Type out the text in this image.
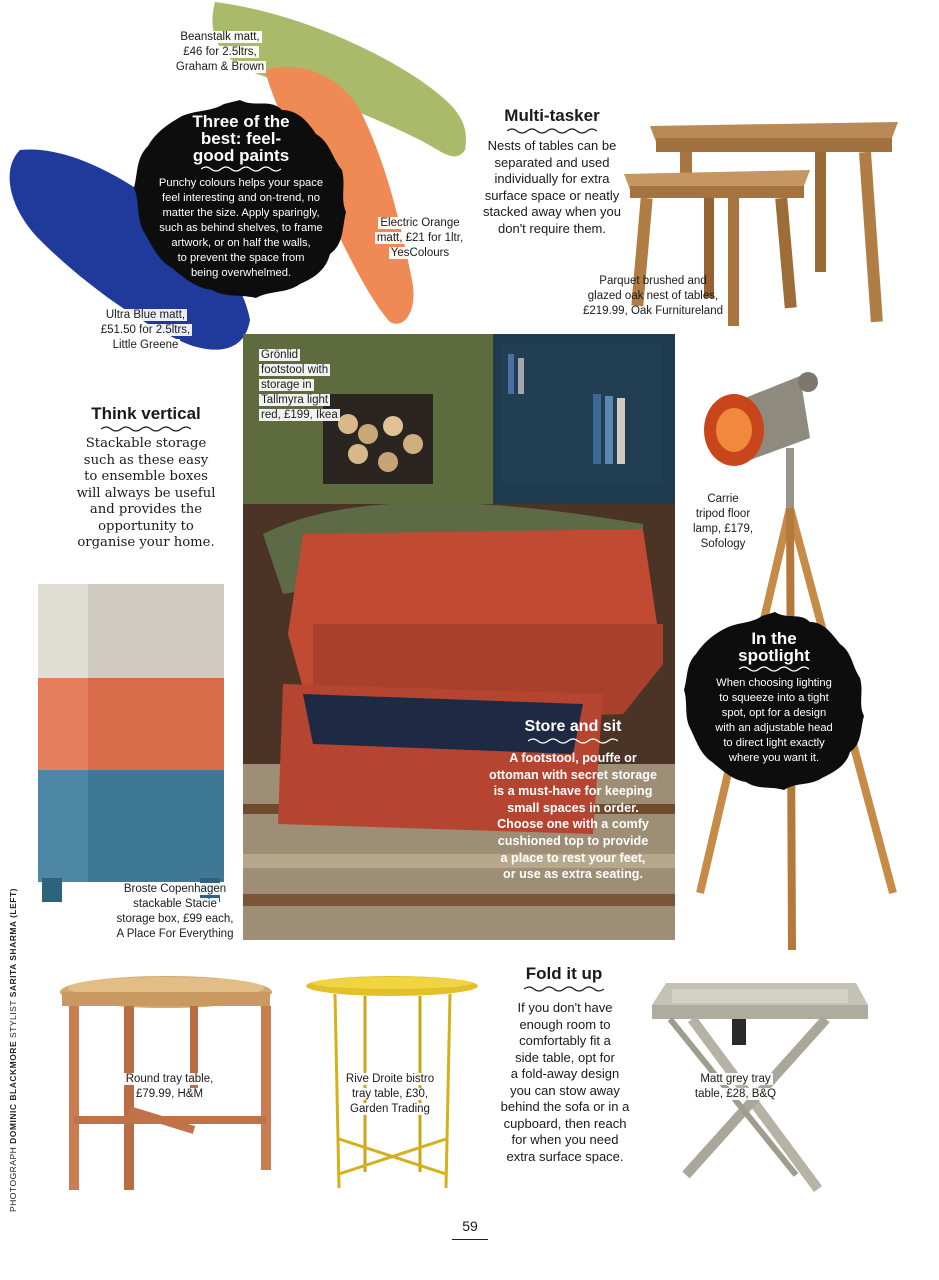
Three of the best: feel-good paints
Punchy colours helps your space
feel interesting and on-trend, no
matter the size. Apply sparingly,
such as behind shelves, to frame
artwork, or on half the walls,
to prevent the space from
being overwhelmed.
Beanstalk matt,
£46 for 2.5ltrs,
Graham & Brown
Electric Orange
matt, £21 for 1ltr,
YesColours
Ultra Blue matt,
£51.50 for 2.5ltrs,
Little Greene
Multi-tasker
Nests of tables can be
separated and used
individually for extra
surface space or neatly
stacked away when you
don't require them.
Parquet brushed and
glazed oak nest of tables,
£219.99, Oak Furnitureland
Think vertical
Stackable storage
such as these easy
to ensemble boxes
will always be useful
and provides the
opportunity to
organise your home.
Broste Copenhagen
stackable Stacie
storage box, £99 each,
A Place For Everything
Grönlid
footstool with
storage in
Tallmyra light
red, £199, Ikea
Store and sit
A footstool, pouffe or
ottoman with secret storage
is a must-have for keeping
small spaces in order.
Choose one with a comfy
cushioned top to provide
a place to rest your feet,
or use as extra seating.
Carrie
tripod floor
lamp, £179,
Sofology
In the spotlight
When choosing lighting
to squeeze into a tight
spot, opt for a design
with an adjustable head
to direct light exactly
where you want it.
Round tray table,
£79.99, H&M
Rive Droite bistro
tray table, £30,
Garden Trading
Fold it up
If you don't have
enough room to
comfortably fit a
side table, opt for
a fold-away design
you can stow away
behind the sofa or in a
cupboard, then reach
for when you need
extra surface space.
Matt grey tray
table, £28, B&Q
PHOTOGRAPH DOMINIC BLACKMORE STYLIST SARITA SHARMA (LEFT)
59
